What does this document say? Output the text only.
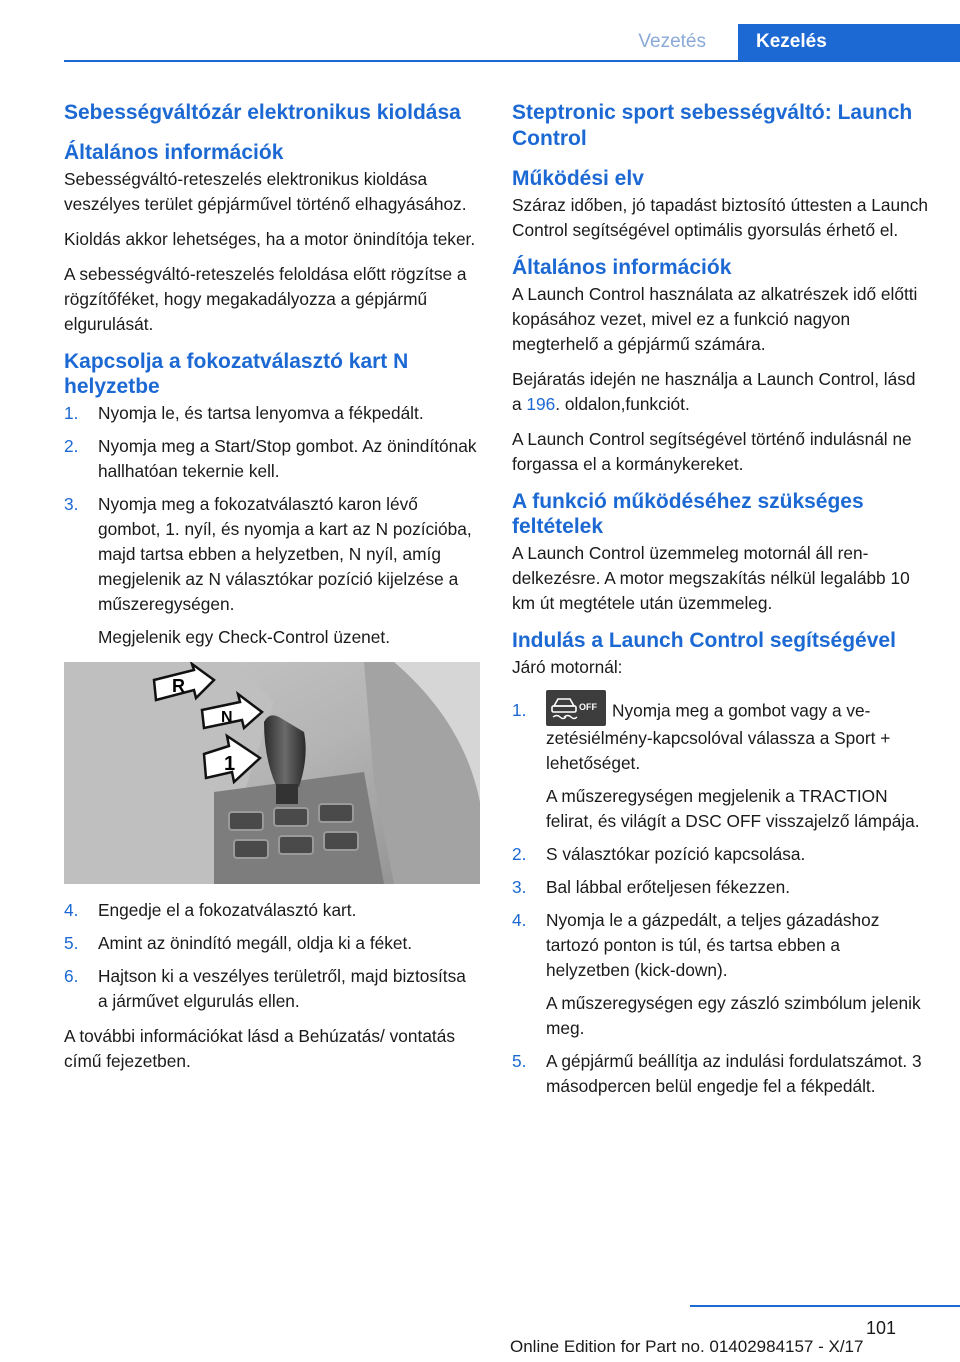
Vezetés	Kezelés
Sebességváltózár elektronikus kioldása
Általános információk

Sebességváltó-reteszelés elektronikus kioldása veszélyes terület gépjárművel történő elhagyásához.

Kioldás akkor lehetséges, ha a motor önindítója teker.

A sebességváltó-reteszelés feloldása előtt rögzítse a rögzítőféket, hogy megakadályozza a gépjármű elgurulását.

Kapcsolja a fokozatválasztó kart N helyzetbe
1. Nyomja le, és tartsa lenyomva a fékpedált.
2. Nyomja meg a Start/Stop gombot. Az önindítónak hallhatóan tekernie kell.
3. Nyomja meg a fokozatválasztó karon lévő gombot, 1. nyíl, és nyomja a kart az N pozícióba, majd tartsa ebben a helyzetben, N nyíl, amíg megjelenik az N választókar pozíció kijelzése a műszeregységen.
Megjelenik egy Check-Control üzenet.
R
N
1
4. Engedje el a fokozatválasztó kart.
5. Amint az önindító megáll, oldja ki a féket.
6. Hajtson ki a veszélyes területről, majd biztosítsa a járművet elgurulás ellen.

A további információkat lásd a Behúzatás/ vontatás című fejezetben.

Steptronic sport sebességváltó: Launch Control
Működési elv

Száraz időben, jó tapadást biztosító úttesten a Launch Control segítségével optimális gyorsulás érhető el.

Általános információk

A Launch Control használata az alkatrészek idő előtti kopásához vezet, mivel ez a funkció nagyon megterhelő a gépjármű számára.

Bejáratás idején ne használja a Launch Control, lásd a 196. oldalon,funkciót.

A Launch Control segítségével történő indulásnál ne forgassa el a kormánykereket.

A funkció működéséhez szükséges feltételek

A Launch Control üzemmeleg motornál áll rendelkezésre. A motor megszakítás nélkül legalább 10 km út megtétele után üzemmeleg.

Indulás a Launch Control segítségével

Járó motornál:

1.	OFF Nyomja meg a gombot vagy a vezetésiélmény-kapcsolóval válassza a Sport + lehetőséget.
A műszeregységen megjelenik a TRACTION felirat, és világít a DSC OFF visszajelző lámpája.
2. S választókar pozíció kapcsolása.
3. Bal lábbal erőteljesen fékezzen.
4. Nyomja le a gázpedált, a teljes gázadáshoz tartozó ponton is túl, és tartsa ebben a helyzetben (kick-down).
A műszeregységen egy zászló szimbólum jelenik meg.
5. A gépjármű beállítja az indulási fordulatszámot. 3 másodpercen belül engedje fel a fékpedált.
101
Online Edition for Part no. 01402984157 - X/17
